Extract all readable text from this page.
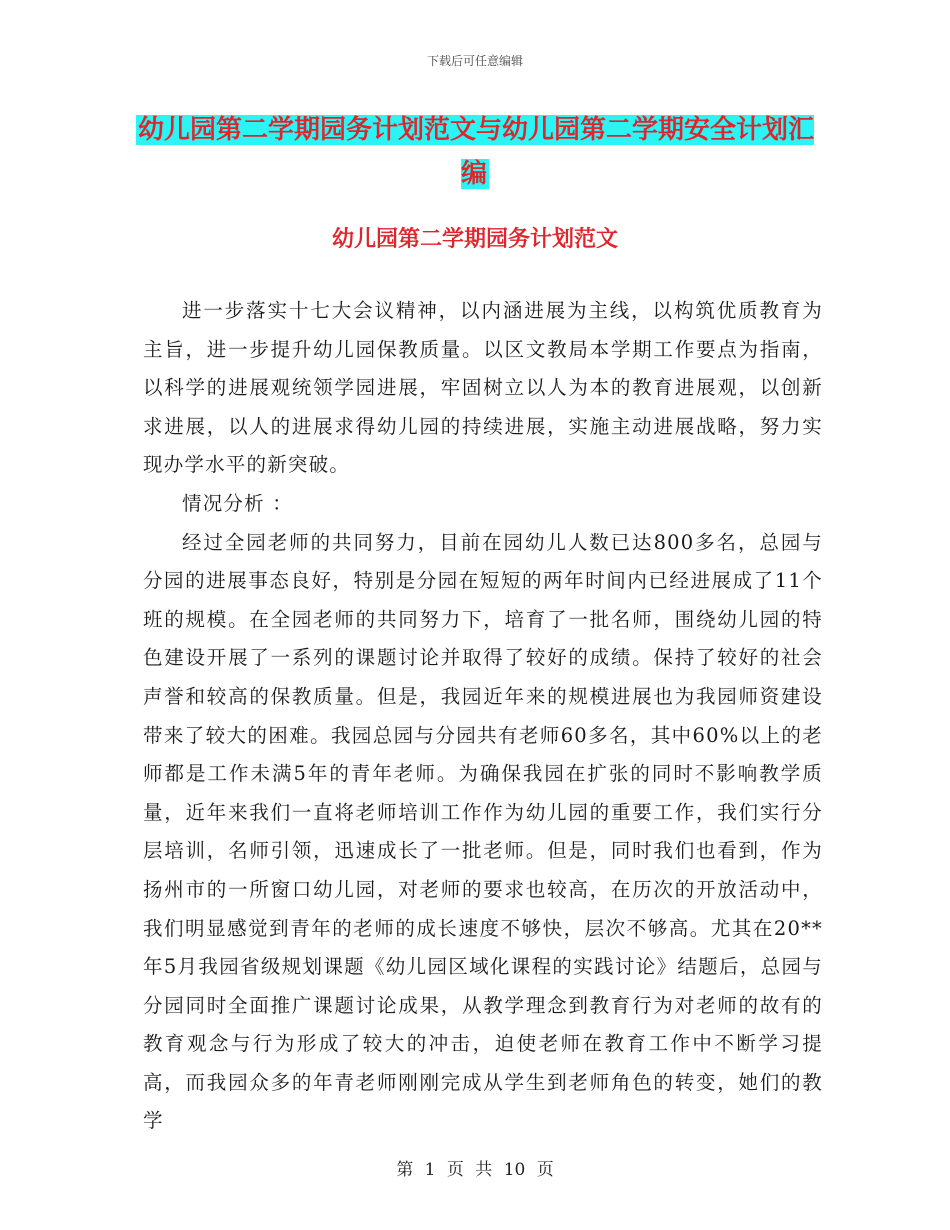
下载后可任意编辑
幼儿园第二学期园务计划范文与幼儿园第二学期安全计划汇编
幼儿园第二学期园务计划范文

进一步落实十七大会议精神，以内涵进展为主线，以构筑优质教育为主旨，进一步提升幼儿园保教质量。以区文教局本学期工作要点为指南，以科学的进展观统领学园进展，牢固树立以人为本的教育进展观，以创新求进展，以人的进展求得幼儿园的持续进展，实施主动进展战略，努力实现办学水平的新突破。

情况分析 ：

经过全园老师的共同努力，目前在园幼儿人数已达800多名，总园与分园的进展事态良好，特别是分园在短短的两年时间内已经进展成了11个班的规模。在全园老师的共同努力下，培育了一批名师，围绕幼儿园的特色建设开展了一系列的课题讨论并取得了较好的成绩。保持了较好的社会声誉和较高的保教质量。但是，我园近年来的规模进展也为我园师资建设带来了较大的困难。我园总园与分园共有老师60多名，其中60%以上的老师都是工作未满5年的青年老师。为确保我园在扩张的同时不影响教学质量，近年来我们一直将老师培训工作作为幼儿园的重要工作，我们实行分层培训，名师引领，迅速成长了一批老师。但是，同时我们也看到，作为扬州市的一所窗口幼儿园，对老师的要求也较高，在历次的开放活动中，我们明显感觉到青年的老师的成长速度不够快，层次不够高。尤其在20**年5月我园省级规划课题《幼儿园区域化课程的实践讨论》结题后，总园与分园同时全面推广课题讨论成果，从教学理念到教育行为对老师的故有的教育观念与行为形成了较大的冲击，迫使老师在教育工作中不断学习提高，而我园众多的年青老师刚刚完成从学生到老师角色的转变，她们的教学

第 1 页 共 10 页
